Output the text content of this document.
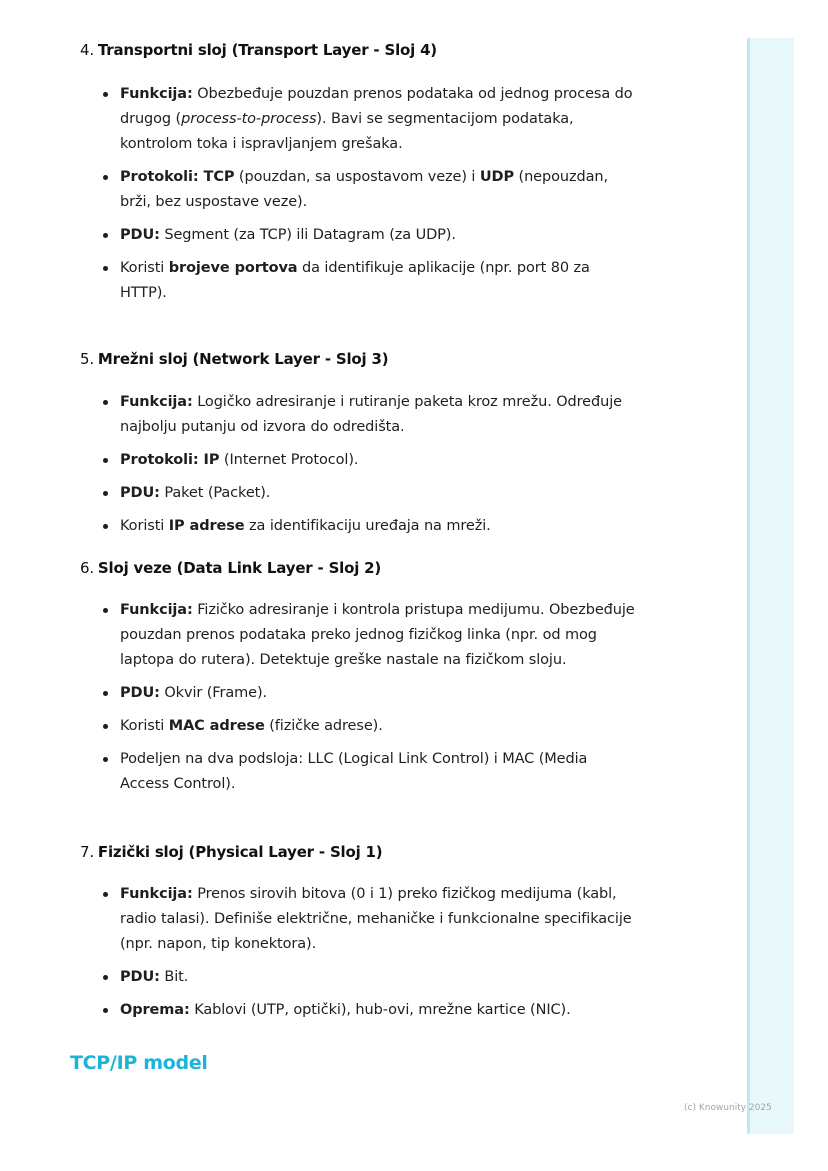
4. Transportni sloj (Transport Layer - Sloj 4)
Funkcija: Obezbeđuje pouzdan prenos podataka od jednog procesa do drugog (process-to-process). Bavi se segmentacijom podataka, kontrolom toka i ispravljanjem grešaka.
Protokoli: TCP (pouzdan, sa uspostavom veze) i UDP (nepouzdan, brži, bez uspostave veze).
PDU: Segment (za TCP) ili Datagram (za UDP).
Koristi brojeve portova da identifikuje aplikacije (npr. port 80 za HTTP).
5. Mrežni sloj (Network Layer - Sloj 3)
Funkcija: Logičko adresiranje i rutiranje paketa kroz mrežu. Određuje najbolju putanju od izvora do odredišta.
Protokoli: IP (Internet Protocol).
PDU: Paket (Packet).
Koristi IP adrese za identifikaciju uređaja na mreži.
6. Sloj veze (Data Link Layer - Sloj 2)
Funkcija: Fizičko adresiranje i kontrola pristupa medijumu. Obezbeđuje pouzdan prenos podataka preko jednog fizičkog linka (npr. od mog laptopa do rutera). Detektuje greške nastale na fizičkom sloju.
PDU: Okvir (Frame).
Koristi MAC adrese (fizičke adrese).
Podeljen na dva podsloja: LLC (Logical Link Control) i MAC (Media Access Control).
7. Fizički sloj (Physical Layer - Sloj 1)
Funkcija: Prenos sirovih bitova (0 i 1) preko fizičkog medijuma (kabl, radio talasi). Definiše električne, mehaničke i funkcionalne specifikacije (npr. napon, tip konektora).
PDU: Bit.
Oprema: Kablovi (UTP, optički), hub-ovi, mrežne kartice (NIC).
TCP/IP model
(c) Knowunity 2025
